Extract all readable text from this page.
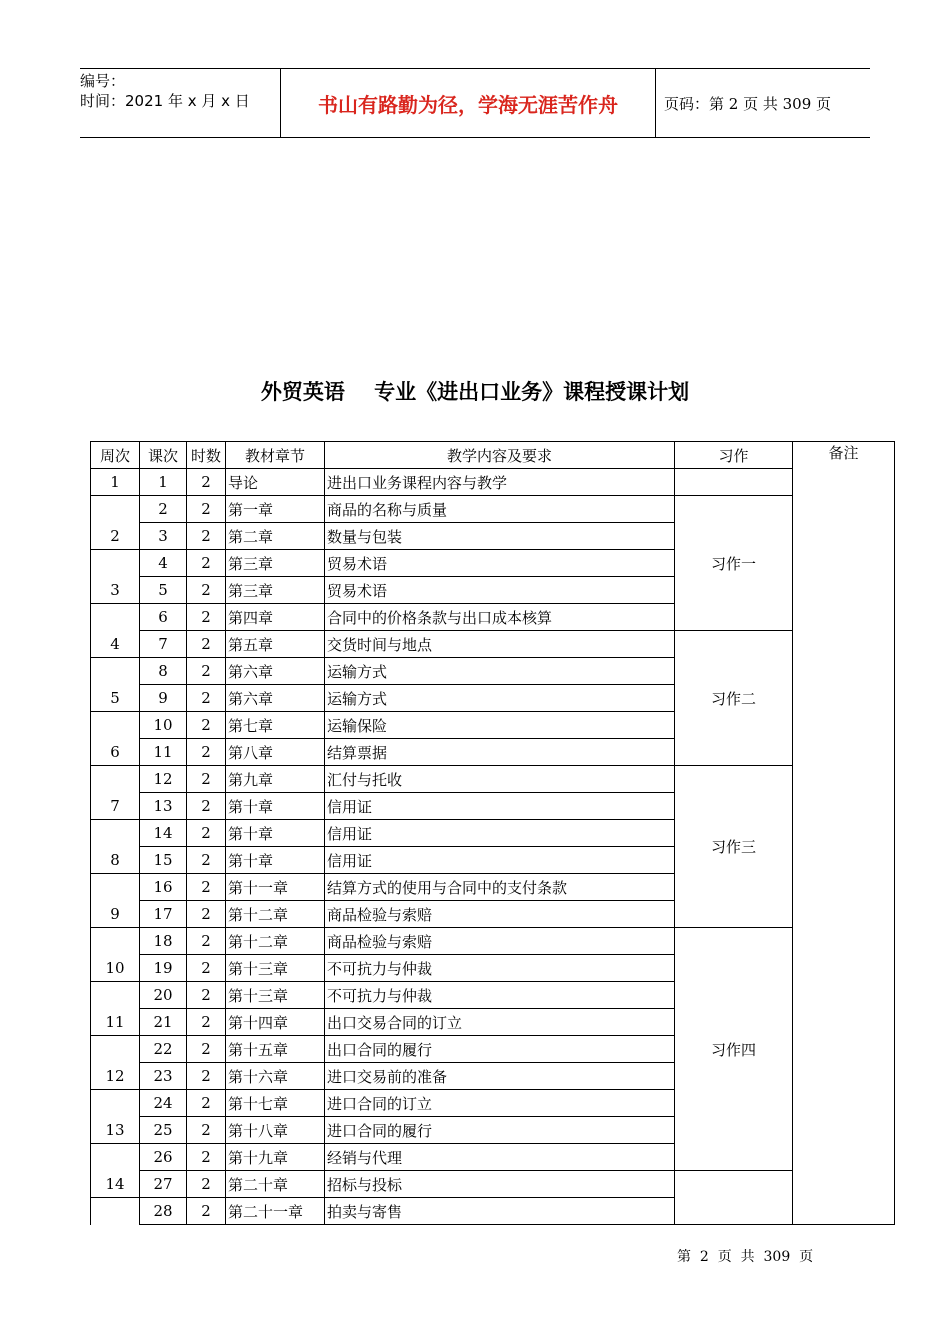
编号：
时间：2021 年 x 月 x 日	书山有路勤为径，学海无涯苦作舟	页码：第 2 页 共 309 页
外贸英语    专业《进出口业务》课程授课计划
周次	课次	时数	教材章节	教学内容及要求	习作	备注
1	1	2	导论	进出口业务课程内容与教学		
	2	2	第一章	商品的名称与质量	习作一	
2	3	2	第二章	数量与包装		
	4	2	第三章	贸易术语		
3	5	2	第三章	贸易术语		
	6	2	第四章	合同中的价格条款与出口成本核算		
4	7	2	第五章	交货时间与地点	习作二	
	8	2	第六章	运输方式		
5	9	2	第六章	运输方式		
	10	2	第七章	运输保险		
6	11	2	第八章	结算票据		
	12	2	第九章	汇付与托收	习作三	
7	13	2	第十章	信用证		
	14	2	第十章	信用证		
8	15	2	第十章	信用证		
	16	2	第十一章	结算方式的使用与合同中的支付条款		
9	17	2	第十二章	商品检验与索赔		
	18	2	第十二章	商品检验与索赔	习作四	
10	19	2	第十三章	不可抗力与仲裁		
	20	2	第十三章	不可抗力与仲裁		
11	21	2	第十四章	出口交易合同的订立		
	22	2	第十五章	出口合同的履行		
12	23	2	第十六章	进口交易前的准备		
	24	2	第十七章	进口合同的订立		
13	25	2	第十八章	进口合同的履行		
	26	2	第十九章	经销与代理		
14	27	2	第二十章	招标与投标		
	28	2	第二十一章	拍卖与寄售		
第  2  页  共  309  页
